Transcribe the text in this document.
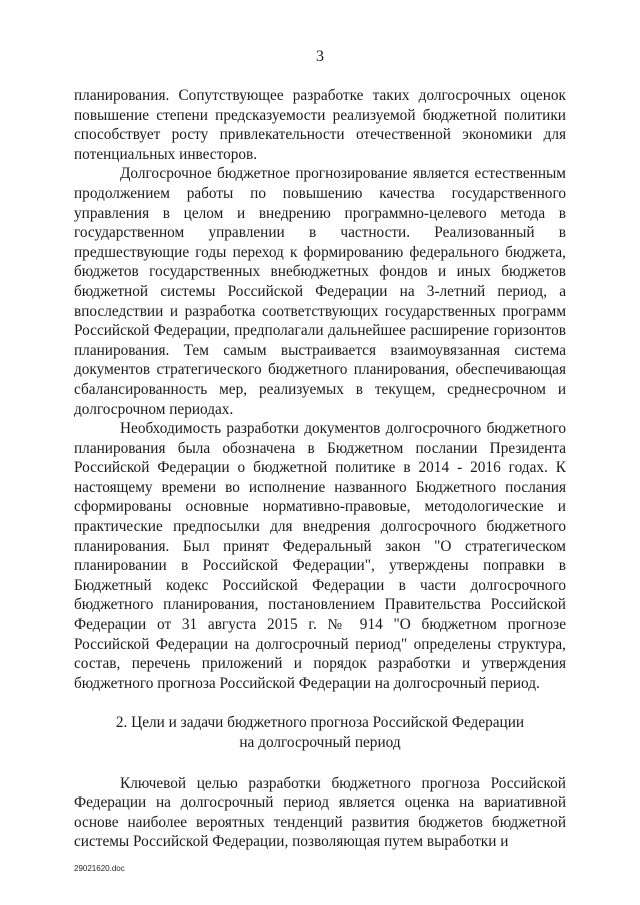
3

планирования. Сопутствующее разработке таких долгосрочных оценок повышение степени предсказуемости реализуемой бюджетной политики способствует росту привлекательности отечественной экономики для потенциальных инвесторов.

Долгосрочное бюджетное прогнозирование является естественным продолжением работы по повышению качества государственного управления в целом и внедрению программно-целевого метода в государственном управлении в частности. Реализованный в предшествующие годы переход к формированию федерального бюджета, бюджетов государственных внебюджетных фондов и иных бюджетов бюджетной системы Российской Федерации на 3-летний период, а впоследствии и разработка соответствующих государственных программ Российской Федерации, предполагали дальнейшее расширение горизонтов планирования. Тем самым выстраивается взаимоувязанная система документов стратегического бюджетного планирования, обеспечивающая сбалансированность мер, реализуемых в текущем, среднесрочном и долгосрочном периодах.

Необходимость разработки документов долгосрочного бюджетного планирования была обозначена в Бюджетном послании Президента Российской Федерации о бюджетной политике в 2014 - 2016 годах. К настоящему времени во исполнение названного Бюджетного послания сформированы основные нормативно-правовые, методологические и практические предпосылки для внедрения долгосрочного бюджетного планирования. Был принят Федеральный закон "О стратегическом планировании в Российской Федерации", утверждены поправки в Бюджетный кодекс Российской Федерации в части долгосрочного бюджетного планирования, постановлением Правительства Российской Федерации от 31 августа 2015 г. № 914 "О бюджетном прогнозе Российской Федерации на долгосрочный период" определены структура, состав, перечень приложений и порядок разработки и утверждения бюджетного прогноза Российской Федерации на долгосрочный период.

2. Цели и задачи бюджетного прогноза Российской Федерации
на долгосрочный период

Ключевой целью разработки бюджетного прогноза Российской Федерации на долгосрочный период является оценка на вариативной основе наиболее вероятных тенденций развития бюджетов бюджетной системы Российской Федерации, позволяющая путем выработки и

29021620.doc
